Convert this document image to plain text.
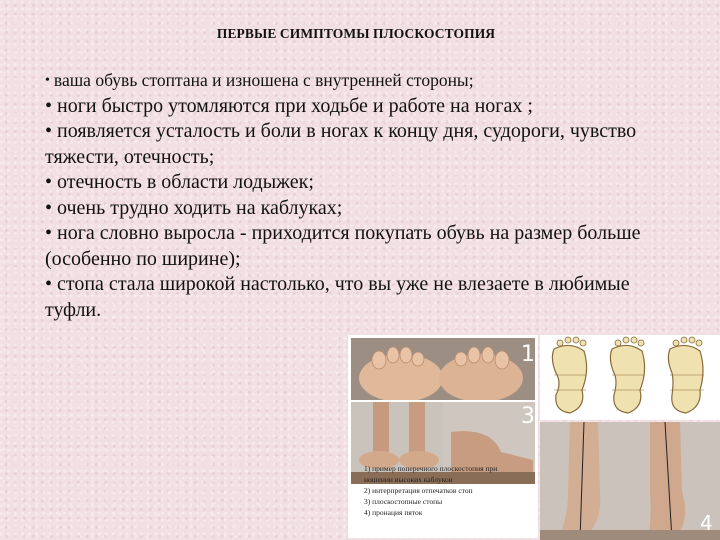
ПЕРВЫЕ СИМПТОМЫ ПЛОСКОСТОПИЯ

• ваша обувь стоптана и изношена с внутренней стороны;

• ноги быстро утомляются при ходьбе и работе на ногах ;

• появляется усталость и боли в ногах к концу дня, судороги, чувство тяжести, отечность;

• отечность в области лодыжек;

• очень трудно ходить на каблуках;

• нога словно выросла - приходится покупать обувь на размер больше (особенно по ширине);

• стопа стала широкой настолько, что вы уже не влезаете в любимые туфли.

1
3

1) пример поперечного плоскостопия при

ношении высоких каблуков

2) интерпретация отпечатков стоп

3) плоскостопные стопы

4) пронация пяток

2
4
